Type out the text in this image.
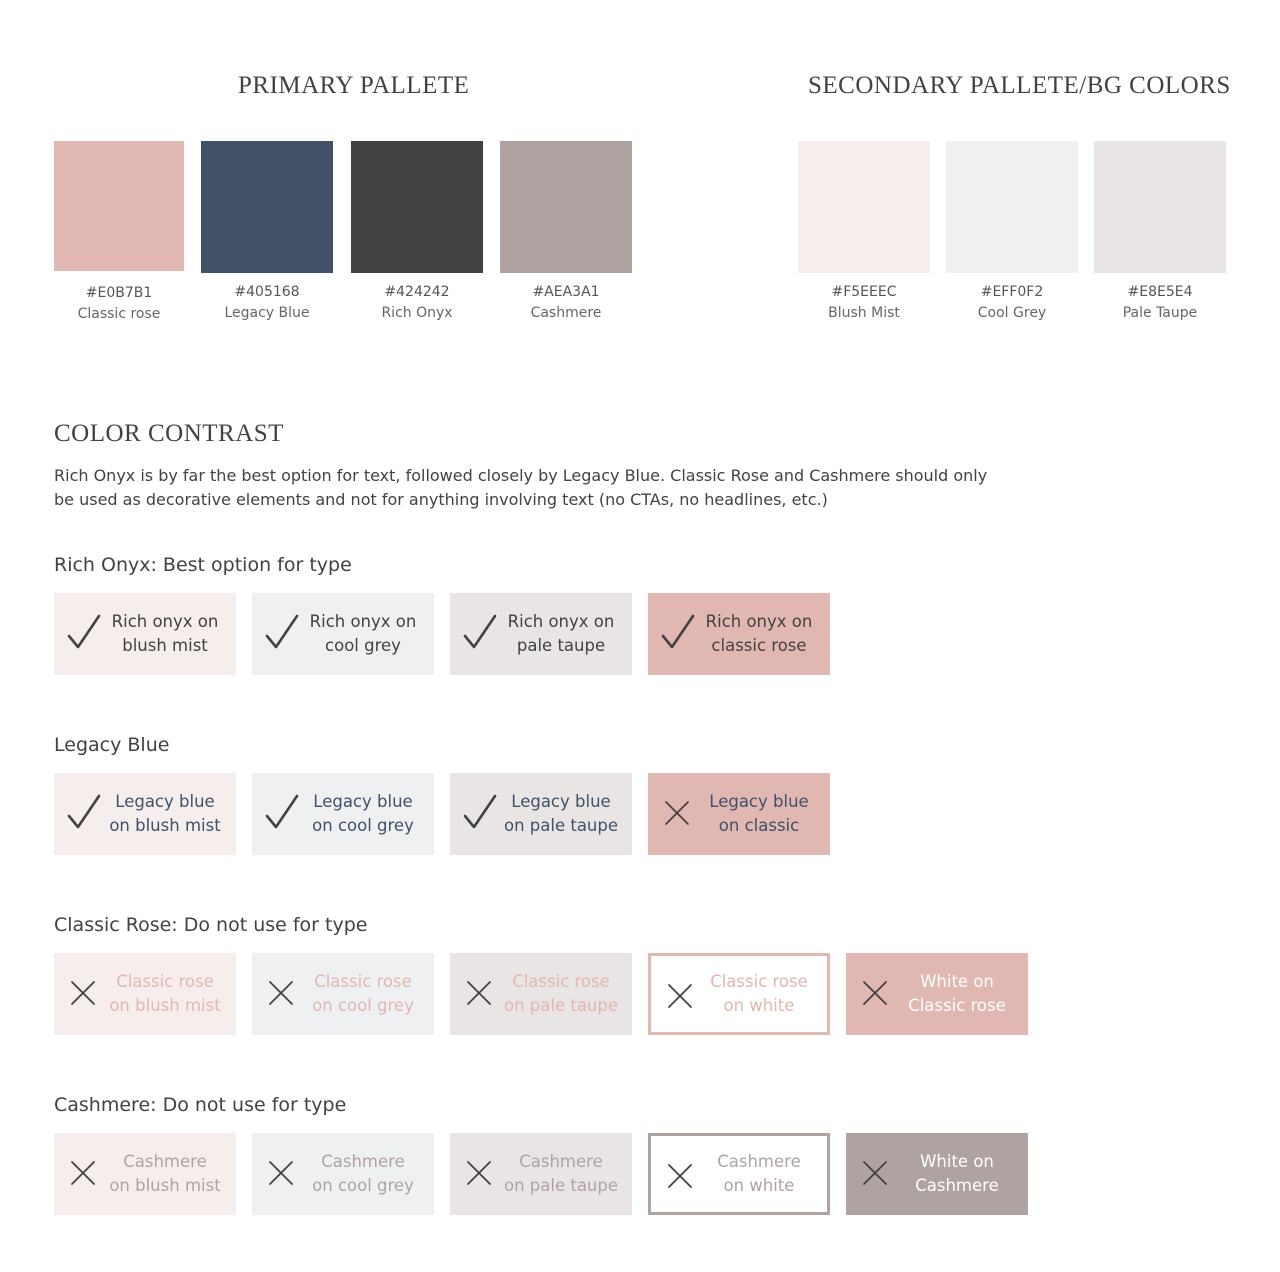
PRIMARY PALLETE
#E0B7B1
Classic rose
#405168
Legacy Blue
#424242
Rich Onyx
#AEA3A1
Cashmere
SECONDARY PALLETE/BG COLORS
#F5EEEC
Blush Mist
#EFF0F2
Cool Grey
#E8E5E4
Pale Taupe
COLOR CONTRAST

Rich Onyx is by far the best option for text, followed closely by Legacy Blue. Classic Rose and Cashmere should only be used as decorative elements and not for anything involving text (no CTAs, no headlines, etc.)

Rich Onyx: Best option for type
Rich onyx on
blush mist
Rich onyx on
cool grey
Rich onyx on
pale taupe
Rich onyx on
classic rose
Legacy Blue
Legacy blue
on blush mist
Legacy blue
on cool grey
Legacy blue
on pale taupe
Legacy blue
on classic
Classic Rose: Do not use for type
Classic rose
on blush mist
Classic rose
on cool grey
Classic rose
on pale taupe
Classic rose
on white
White on
Classic rose
Cashmere: Do not use for type
Cashmere
on blush mist
Cashmere
on cool grey
Cashmere
on pale taupe
Cashmere
on white
White on
Cashmere
